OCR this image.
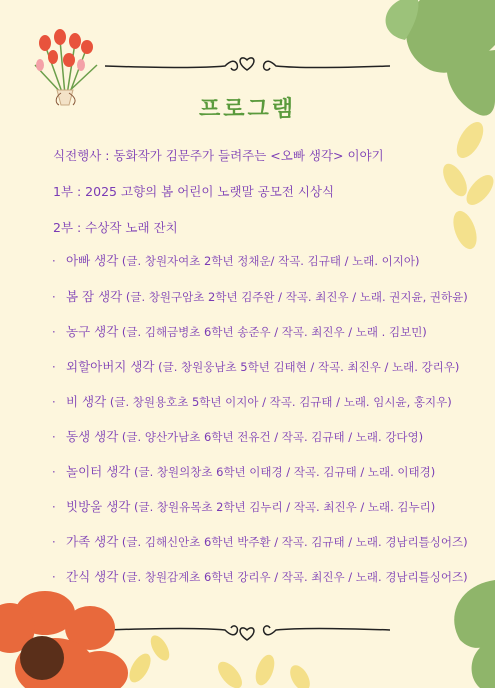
프로그램
식전행사 : 동화작가 김문주가 들려주는 <오빠 생각> 이야기
1부 : 2025 고향의 봄 어린이 노랫말 공모전 시상식
2부 : 수상작 노래 잔치
· 아빠 생각 (글. 창원자여초 2학년 정채운/ 작곡. 김규태 / 노래. 이지아)
· 봄 잠 생각 (글. 창원구암초 2학년 김주완 / 작곡. 최진우 / 노래. 권지윤, 권하윤)
· 농구 생각 (글. 김해금병초 6학년 송준우 / 작곡. 최진우 / 노래 . 김보민)
· 외할아버지 생각 (글. 창원웅남초 5학년 김태현 / 작곡. 최진우 / 노래. 강리우)
· 비 생각 (글. 창원용호초 5학년 이지아 / 작곡. 김규태 / 노래. 임시윤, 홍지우)
· 동생 생각 (글. 양산가남초 6학년 전유건 / 작곡. 김규태 / 노래. 강다영)
· 놀이터 생각 (글. 창원의창초 6학년 이태경 / 작곡. 김규태 / 노래. 이태경)
· 빗방울 생각 (글. 창원유목초 2학년 김누리 / 작곡. 최진우 / 노래. 김누리)
· 가족 생각 (글. 김해신안초 6학년 박주환 / 작곡. 김규태 / 노래. 경남리틀싱어즈)
· 간식 생각 (글. 창원감계초 6학년 강리우 / 작곡. 최진우 / 노래. 경남리틀싱어즈)
